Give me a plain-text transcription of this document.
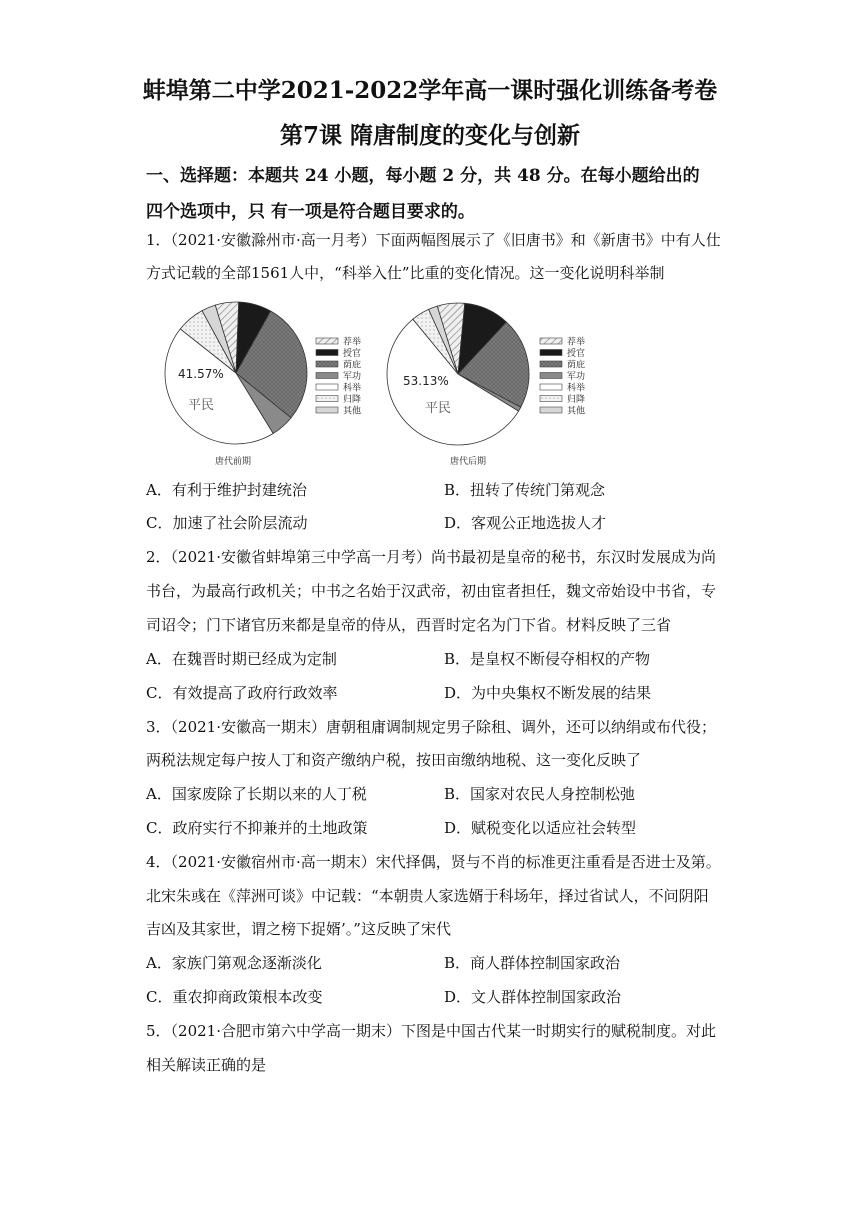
蚌埠第二中学2021-2022学年高一课时强化训练备考卷
第7课 隋唐制度的变化与创新
一、选择题：本题共 24 小题，每小题 2 分，共 48 分。在每小题给出的
四个选项中，只 有一项是符合题目要求的。
1．（2021·安徽滁州市·高一月考）下面两幅图展示了《旧唐书》和《新唐书》中有人仕
方式记载的全部1561人中，“科举入仕”比重的变化情况。这一变化说明科举制
荐举
授官
荫庇
军功
科举
归降
其他
荐举
授官
荫庇
军功
科举
归降
其他
41.57%
平民
唐代前期
53.13%
平民
唐代后期
A．有利于维护封建统治	B．扭转了传统门第观念
C．加速了社会阶层流动	D．客观公正地选拔人才
2．（2021·安徽省蚌埠第三中学高一月考）尚书最初是皇帝的秘书，东汉时发展成为尚
书台，为最高行政机关；中书之名始于汉武帝，初由宦者担任，魏文帝始设中书省，专
司诏令；门下诸官历来都是皇帝的侍从，西晋时定名为门下省。材料反映了三省
A．在魏晋时期已经成为定制	B．是皇权不断侵夺相权的产物
C．有效提高了政府行政效率	D．为中央集权不断发展的结果
3．（2021·安徽高一期末）唐朝租庸调制规定男子除租、调外，还可以纳绢或布代役；
两税法规定每户按人丁和资产缴纳户税，按田亩缴纳地税、这一变化反映了
A．国家废除了长期以来的人丁税	B．国家对农民人身控制松弛
C．政府实行不抑兼并的土地政策	D．赋税变化以适应社会转型
4．（2021·安徽宿州市·高一期末）宋代择偶，贤与不肖的标准更注重看是否进士及第。
北宋朱彧在《萍洲可谈》中记载：“本朝贵人家选婿于科场年，择过省试人，不问阴阳
吉凶及其家世，谓之榜下捉婿’。”这反映了宋代
A．家族门第观念逐渐淡化	B．商人群体控制国家政治
C．重农抑商政策根本改变	D．文人群体控制国家政治
5．（2021·合肥市第六中学高一期末）下图是中国古代某一时期实行的赋税制度。对此
相关解读正确的是
